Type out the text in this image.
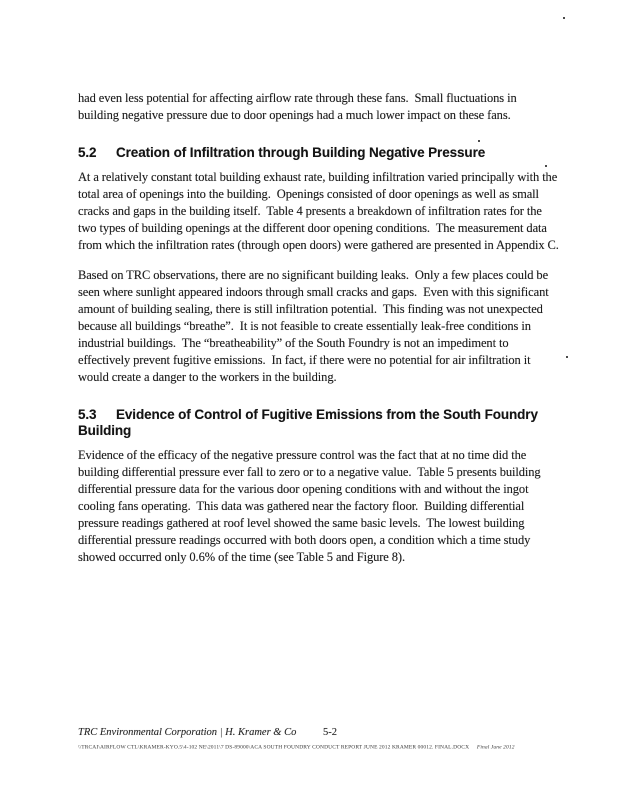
had even less potential for affecting airflow rate through these fans.  Small fluctuations in building negative pressure due to door openings had a much lower impact on these fans.

5.2 Creation of Infiltration through Building Negative Pressure

At a relatively constant total building exhaust rate, building infiltration varied principally with the total area of openings into the building.  Openings consisted of door openings as well as small cracks and gaps in the building itself.  Table 4 presents a breakdown of infiltration rates for the two types of building openings at the different door opening conditions.  The measurement data from which the infiltration rates (through open doors) were gathered are presented in Appendix C.

Based on TRC observations, there are no significant building leaks.  Only a few places could be seen where sunlight appeared indoors through small cracks and gaps.  Even with this significant amount of building sealing, there is still infiltration potential.  This finding was not unexpected because all buildings “breathe”.  It is not feasible to create essentially leak-free conditions in industrial buildings.  The “breatheability” of the South Foundry is not an impediment to effectively prevent fugitive emissions.  In fact, if there were no potential for air infiltration it would create a danger to the workers in the building.

5.3 Evidence of Control of Fugitive Emissions from the South Foundry Building

Evidence of the efficacy of the negative pressure control was the fact that at no time did the building differential pressure ever fall to zero or to a negative value.  Table 5 presents building differential pressure data for the various door opening conditions with and without the ingot cooling fans operating.  This data was gathered near the factory floor.  Building differential pressure readings gathered at roof level showed the same basic levels.  The lowest building differential pressure readings occurred with both doors open, a condition which a time study showed occurred only 0.6% of the time (see Table 5 and Figure 8).

TRC Environmental Corporation | H. Kramer & Co	5-2
\\TRCAI\AIRFLOW CTL\KRAMER-KYO.5\4-102 NE\2011\7 DS-89000\ACA SOUTH FOUNDRY CONDUCT REPORT JUNE 2012 KRAMER 00012. FINAL.DOCX Final June 2012
